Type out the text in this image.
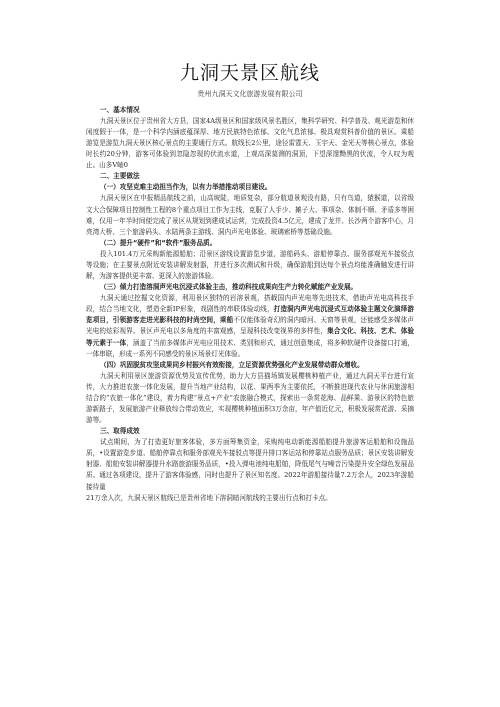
九洞天景区航线
贵州九洞天文化旅游发展有限公司
一、基本情况

九洞天景区位于贵州省大方县，国家4A级景区和国家级风景名胜区，集科学研究、科学普及、观光游览和休闲度假于一体，是一个科学内涵底蕴深厚、地方民族特色浓郁、文化气息浓郁、极具观赏科普价值的景区。乘船游览是游览九洞天景区核心景点的主要通行方式。航线长2公里，途径雷霆天、玉宇天、金光天等核心景点，体验时长约20分钟，游客可体验到忽隐忽现的伏流水道，上观高深莫测的洞顶，下望深邃黝黑的伏流，令人叹为观止。山多V岫0

二、主要做法
（一）攻坚克难主动担当作为，以有力举措推动项目建设。

九洞天景区在申报精品航线之前，山高坡陡，地质复杂，部分航道景观没有路，只有鸟道，猿猴道，以省级文大合保障项目控制性工程的8个重点项目工作为主线，克服了人手少、摊子大、事项杂、体制不顺、矛盾多等困难，仅用一年半时间便完成了景区从规划到建成试运营，完成投资4.5亿元，建成了龙井、长沙两个游客中心，月亮湾大桥、三个旅游码头、水陆两条主游线、洞内声光电体验、玻璃索桥等基础设施。

（二）提升“硬件”和“软件”服务品质。

投入101.4万元采购新能源船舶；沿景区游线设置游览步道，游船码头、游船停靠点、服务部观光车接驳点等设施；在主要景点附近安装讲解发射器，并进行多次测试和升级，确保游船到达每个景点均能准确触发进行讲解，为游客提供更丰富、更深入的旅游体验。

（三）倾力打造溶洞声光电沉浸式体验主击，推动科技成果向生产力转化赋能产业发展。

九洞天通过挖掘文化资源，利用景区独特的岩溶景观，搭载国内声光电等先进技术，借助声光电高科技手段，结合当地文化，塑造全新IP形象，戏剧性的串联体验动线，打造洞内声光电沉浸式互动体验主题文化演绎游览项目，引领游客走进光影科技的时尚空间，乘船不仅能体验奇幻的洞内暗河、天窗等景观，还能感受多媒体声光电的炫彩视界。景区声光电以多角度的丰富观感，呈现科技改变视界的多样性，集合文化、科技、艺术、体验等元素于一体，涵盖了当前多媒体声光电应用技术、类别和形式，通过创意集成，将多种软硬件设备接口打通，一体串联，形成一系列不同感受的景区场景灯光体验。

（四）巩固脱贫攻坚成果同乡村振兴有效衔接，立足资源优势强化产业发展带动群众增收。

九洞天利用景区旅游资源优势及宣传优势，助力大方县猫场镇发展樱桃种植产业，通过九洞天平台进行宣传，大力推进农旅一体化发展，提升当地产业结构，以花、果两季为主要依托，不断推进现代农业与休闲旅游相结合的“农旅一体化”建设，着力构建“景点+产业”农旅融合模式，探索出一条赏花海、品鲜果、游景区的特色旅游新路子，发展旅游产业释放综合带动效应，实现樱桃种植面积3万余亩，年产值近亿元，积极发展赏花游、采摘游等。

三、取得成效

试点期间，为了打造更好旅客体验，多方面筹集资金，采购纯电动新能源船舶提升旅游客运船舶和设施品质，•设置游览步道、船舶停靠点和服务部观光车接驳点等提升排口客运站和停靠站点服务品质；景区安装讲解发射器、船舶安装讲解器提升水路旅游服务品质，•投入弹电池纯电船舶，降低尾气与噪音污染提升安全绿色发展品质。通过各项建设，提升了游客体验感，同时也提升了景区知名度。2022年游船接待量7.2万余人，2023年游船接待量

21万余人次，九洞天景区航线已是贵州省地下溶洞暗河航线的主要出行点和打卡点。
